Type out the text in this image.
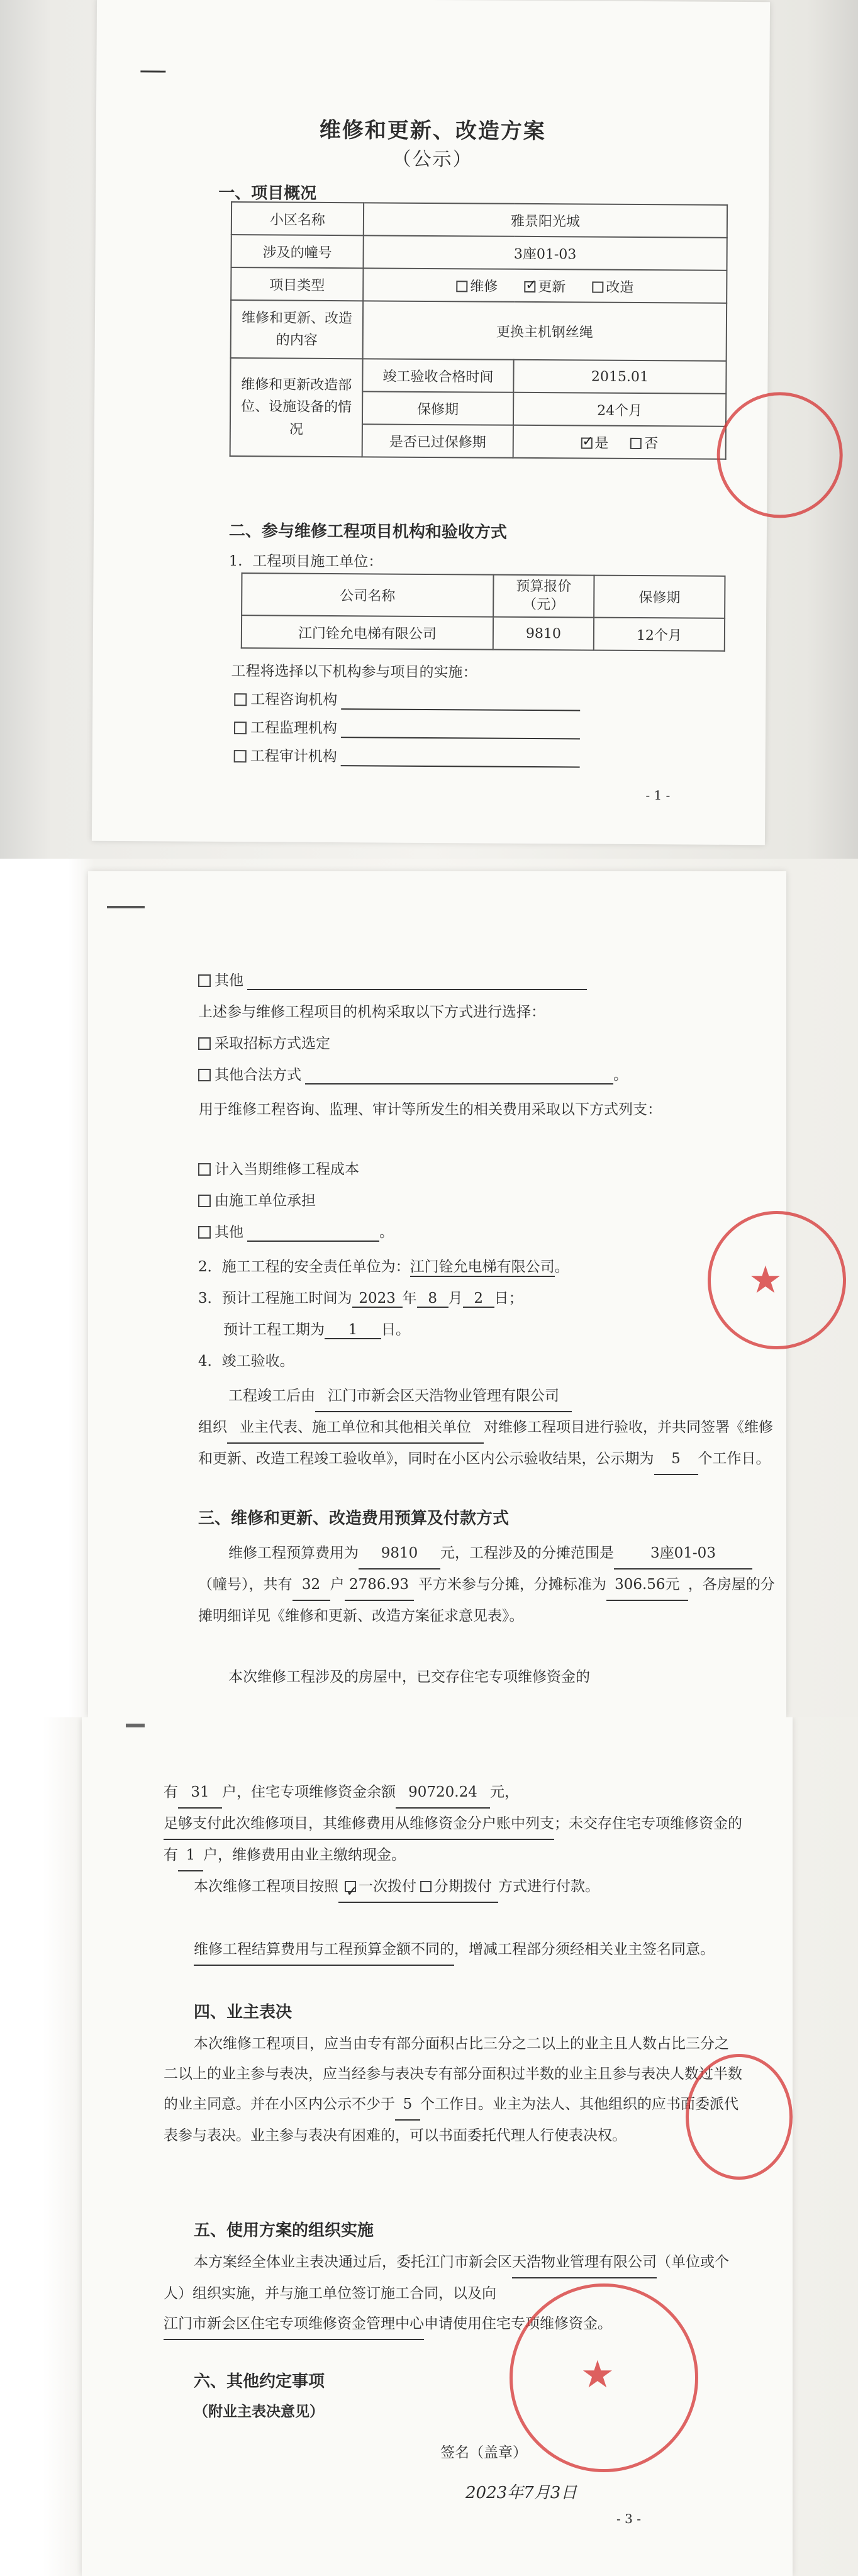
维修和更新、改造方案
（公示）
一、项目概况
小区名称	雅景阳光城	
涉及的幢号	3座01-03	
项目类型	维修 ✓ 更新 改造
维修和更新、改造的内容	更换主机钢丝绳	
维修和更新改造部位、设施设备的情况	竣工验收合格时间	2015.01
	保修期	24个月
	是否已过保修期	✓是 否
二、参与维修工程项目机构和验收方式
1．工程项目施工单位：
公司名称	预算报价（元）	保修期
江门铨允电梯有限公司	9810	12个月
工程将选择以下机构参与项目的实施：
工程咨询机构
工程监理机构
工程审计机构
- 1 -
其他
上述参与维修工程项目的机构采取以下方式进行选择：
采取招标方式选定
其他合法方式	。
用于维修工程咨询、监理、审计等所发生的相关费用采取以下方式列支：
计入当期维修工程成本
由施工单位承担
其他	。
2．施工工程的安全责任单位为：江门铨允电梯有限公司。
3．预计工程施工时间为 2023 年 8 月 2 日；
预计工程工期为 1 日。
4．竣工验收。
工程竣工后由 江门市新会区天浩物业管理有限公司
组织 业主代表、施工单位和其他相关单位 对维修工程项目进行验收，并共同签署《维修和更新、改造工程竣工验收单》，同时在小区内公示验收结果，公示期为 5 个工作日。
三、维修和更新、改造费用预算及付款方式
维修工程预算费用为 9810 元，工程涉及的分摊范围是	3座01-03（幢号），共有 32 户 2786.93 平方米参与分摊，分摊标准为 306.56元 ，各房屋的分摊明细详见《维修和更新、改造方案征求意见表》。
本次维修工程涉及的房屋中，已交存住宅专项维修资金的
★
有 31 户，住宅专项维修资金余额 90720.24 元，足够支付此次维修项目，其维修费用从维修资金分户账中列支；未交存住宅专项维修资金的有 1 户，维修费用由业主缴纳现金。
本次维修工程项目按照 ✓ 一次拨付 分期拨付 方式进行付款。
维修工程结算费用与工程预算金额不同的，增减工程部分须经相关业主签名同意。
四、业主表决
本次维修工程项目，应当由专有部分面积占比三分之二以上的业主且人数占比三分之二以上的业主参与表决，应当经参与表决专有部分面积过半数的业主且参与表决人数过半数的业主同意。并在小区内公示不少于 5 个工作日。业主为法人、其他组织的应书面委派代表参与表决。业主参与表决有困难的，可以书面委托代理人行使表决权。
五、使用方案的组织实施
本方案经全体业主表决通过后，委托江门市新会区天浩物业管理有限公司（单位或个人）组织实施，并与施工单位签订施工合同，以及向江门市新会区住宅专项维修资金管理中心申请使用住宅专项维修资金。
六、其他约定事项
（附业主表决意见）
签名（盖章）
2023年7月3日
- 3 -
★
